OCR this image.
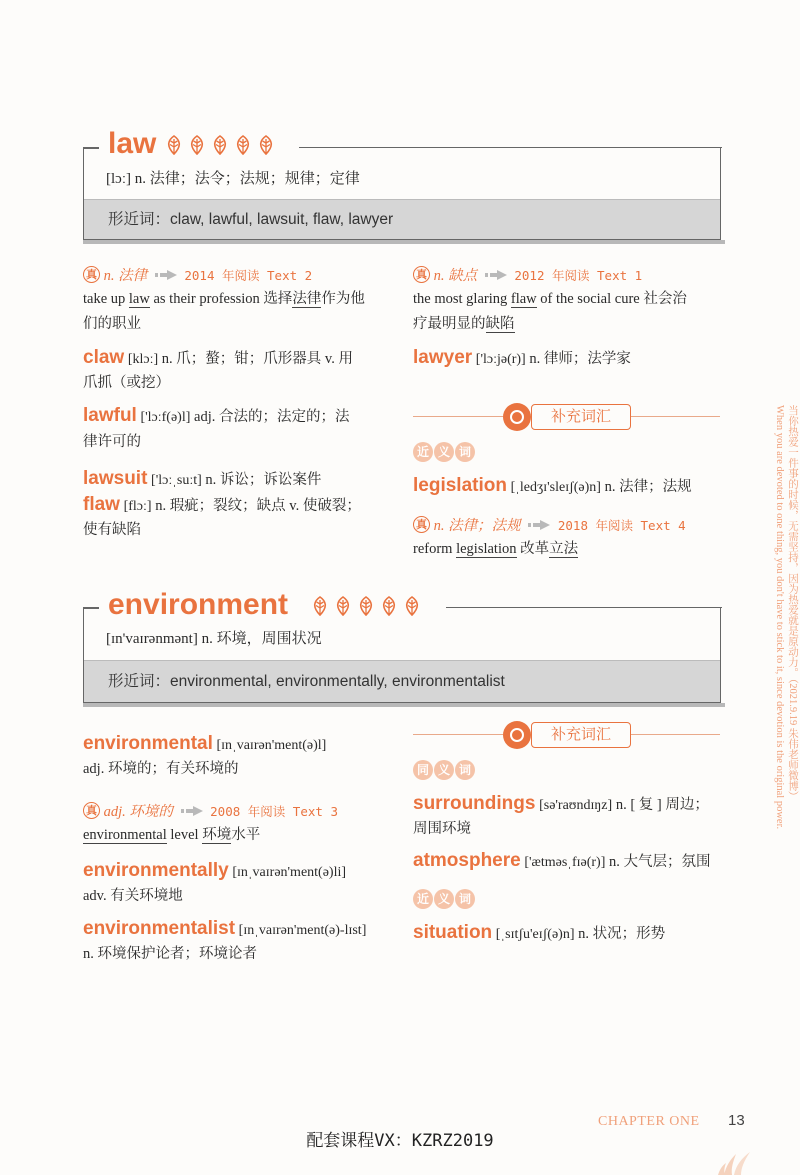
law
[lɔː] n. 法律；法令；法规；规律；定律
形近词：claw, lawful, lawsuit, flaw, lawyer
真 n. 法律	2014 年阅读 Text 2
take up law as their profession 选择法律作为他
们的职业
claw [klɔː] n. 爪；螯；钳；爪形器具 v. 用
爪抓（或挖）
lawful ['lɔːf(ə)l] adj. 合法的；法定的；法
律许可的
lawsuit ['lɔːˌsuːt] n. 诉讼；诉讼案件
flaw [flɔː] n. 瑕疵；裂纹；缺点 v. 使破裂；
使有缺陷
真 n. 缺点	2012 年阅读 Text 1
the most glaring flaw of the social cure 社会治
疗最明显的缺陷
lawyer ['lɔːjə(r)] n. 律师；法学家
补充词汇
近 义 词
legislation [ˌledʒɪ'sleɪʃ(ə)n] n. 法律；法规
真 n. 法律；法规	2018 年阅读 Text 4
reform legislation 改革立法
environment
[ɪn'vaɪrənmənt] n. 环境，周围状况
形近词：environmental, environmentally, environmentalist
environmental [ɪnˌvaɪrən'ment(ə)l]
adj. 环境的；有关环境的
真 adj. 环境的	2008 年阅读 Text 3
environmental level 环境水平
environmentally [ɪnˌvaɪrən'ment(ə)li]
adv. 有关环境地
environmentalist [ɪnˌvaɪrən'ment(ə)-lɪst]
n. 环境保护论者；环境论者
补充词汇
同 义 词
surroundings [sə'raʊndɪŋz] n. [ 复 ] 周边；
周围环境
atmosphere ['ætməsˌfɪə(r)] n. 大气层；氛围
近 义 词
situation [ˌsɪtʃu'eɪʃ(ə)n] n. 状况；形势
当你热爱一件事的时候，无需坚持，因为热爱就是原动力。（2021.9.19 朱伟老师微博）
When you are devoted to one thing, you don't have to stick to it, since devotion is the original power.
CHAPTER ONE 13
配套课程VX：KZRZ2019
